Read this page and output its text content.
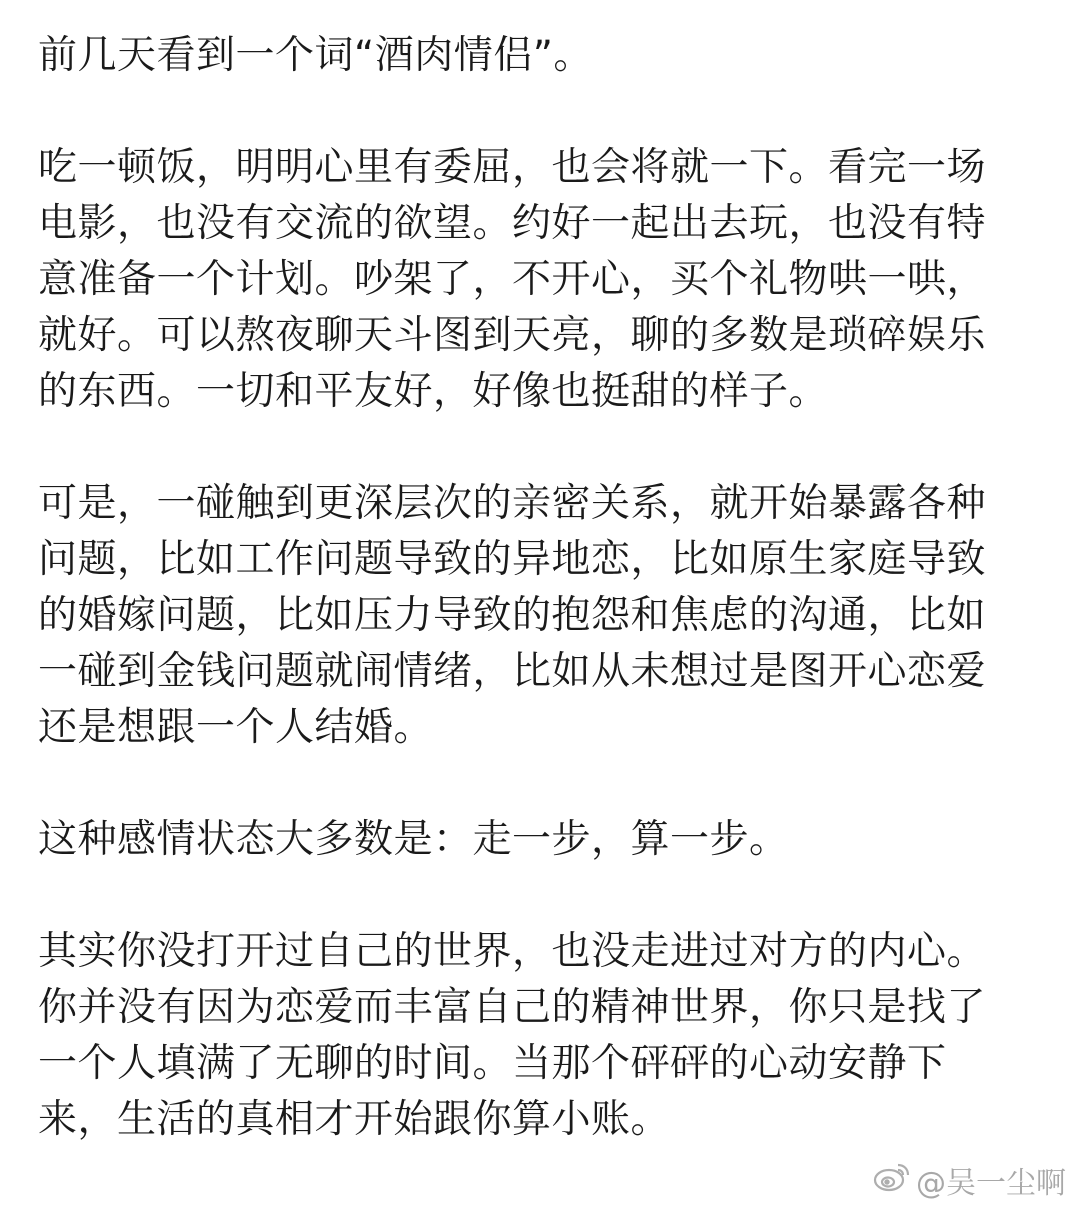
前几天看到一个词“酒肉情侣”。

吃一顿饭，明明心里有委屈，也会将就一下。看完一场
电影，也没有交流的欲望。约好一起出去玩，也没有特
意准备一个计划。吵架了，不开心，买个礼物哄一哄，
就好。可以熬夜聊天斗图到天亮，聊的多数是琐碎娱乐
的东西。一切和平友好，好像也挺甜的样子。

可是，一碰触到更深层次的亲密关系，就开始暴露各种
问题，比如工作问题导致的异地恋，比如原生家庭导致
的婚嫁问题，比如压力导致的抱怨和焦虑的沟通，比如
一碰到金钱问题就闹情绪，比如从未想过是图开心恋爱
还是想跟一个人结婚。

这种感情状态大多数是：走一步，算一步。

其实你没打开过自己的世界，也没走进过对方的内心。
你并没有因为恋爱而丰富自己的精神世界，你只是找了
一个人填满了无聊的时间。当那个砰砰的心动安静下
来，生活的真相才开始跟你算小账。

@吴一尘啊
